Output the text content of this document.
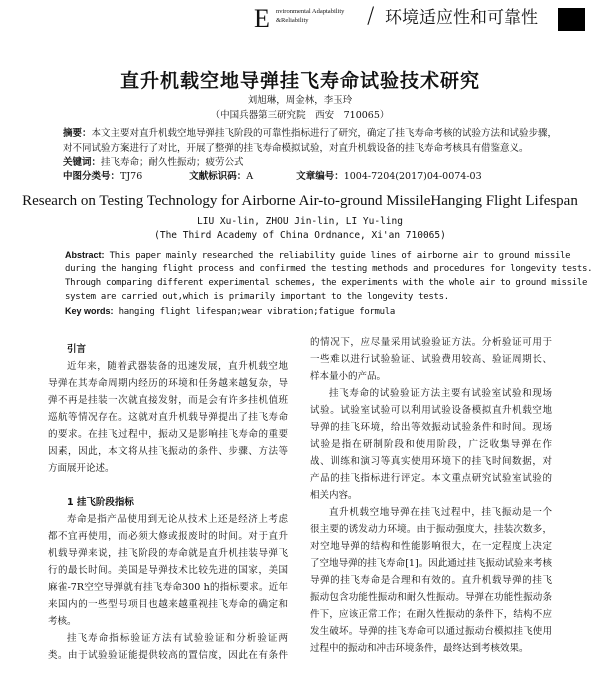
E nvironmental Adaptability
&Reliability	/ 环境适应性和可靠性
直升机载空地导弹挂飞寿命试验技术研究
刘旭琳，周金林，李玉玲
（中国兵器第三研究院　西安　710065）
摘要：本文主要对直升机载空地导弹挂飞阶段的可靠性指标进行了研究，确定了挂飞寿命考核的试验方法和试验步骤，
对不同试验方案进行了对比，开展了整弹的挂飞寿命模拟试验，对直升机载设备的挂飞寿命考核具有借鉴意义。
关键词：挂飞寿命；耐久性振动；疲劳公式
中图分类号：TJ76	文献标识码：A	文章编号：1004-7204(2017)04-0074-03
Research on Testing Technology for Airborne Air-to-ground MissileHanging Flight Lifespan
LIU Xu-lin, ZHOU Jin-lin, LI Yu-ling
(The Third Academy of China Ordnance, Xi'an 710065)
Abstract: This paper mainly researched the reliability guide lines of airborne air to ground missile
during the hanging flight process and confirmed the testing methods and procedures for longevity tests.
Through comparing different experimental schemes, the experiments with the whole air to ground missile
system are carried out,which is primarily important to the longevity tests.
Key words: hanging flight lifespan;wear vibration;fatigue formula
引言
近年来，随着武器装备的迅速发展，直升机载空地
导弹在其寿命周期内经历的环境和任务越来越复杂，导
弹不再是挂装一次就直接发射，而是会有许多挂机值班
巡航等情况存在。这就对直升机载导弹提出了挂飞寿命
的要求。在挂飞过程中，振动又是影响挂飞寿命的重要
因素，因此，本文将从挂飞振动的条件、步骤、方法等
方面展开论述。
1 挂飞阶段指标
寿命是指产品使用到无论从技术上还是经济上考虑
都不宜再使用，而必须大修或报废时的时间。对于直升
机载导弹来说，挂飞阶段的寿命就是直升机挂装导弹飞
行的最长时间。美国是导弹技术比较先进的国家，美国
麻雀-7R空空导弹就有挂飞寿命300 h的指标要求。近年
来国内的一些型号项目也越来越重视挂飞寿命的确定和
考核。
挂飞寿命指标验证方法有试验验证和分析验证两
类。由于试验验证能提供较高的置信度，因此在有条件
的情况下，应尽量采用试验验证方法。分析验证可用于
一些难以进行试验验证、试验费用较高、验证周期长、
样本量小的产品。
挂飞寿命的试验验证方法主要有试验室试验和现场
试验。试验室试验可以利用试验设备模拟直升机载空地
导弹的挂飞环境，给出等效振动试验条件和时间。现场
试验是指在研制阶段和使用阶段，广泛收集导弹在作
战、训练和演习等真实使用环境下的挂飞时间数据，对
产品的挂飞指标进行评定。本文重点研究试验室试验的
相关内容。
直升机载空地导弹在挂飞过程中，挂飞振动是一个
很主要的诱发动力环境。由于振动强度大，挂装次数多，
对空地导弹的结构和性能影响很大，在一定程度上决定
了空地导弹的挂飞寿命[1]。因此通过挂飞振动试验来考核
导弹的挂飞寿命是合理和有效的。直升机载导弹的挂飞
振动包含功能性振动和耐久性振动。导弹在功能性振动条
件下，应该正常工作；在耐久性振动的条件下，结构不应
发生破坏。导弹的挂飞寿命可以通过振动台模拟挂飞使用
过程中的振动和冲击环境条件，最终达到考核效果。
